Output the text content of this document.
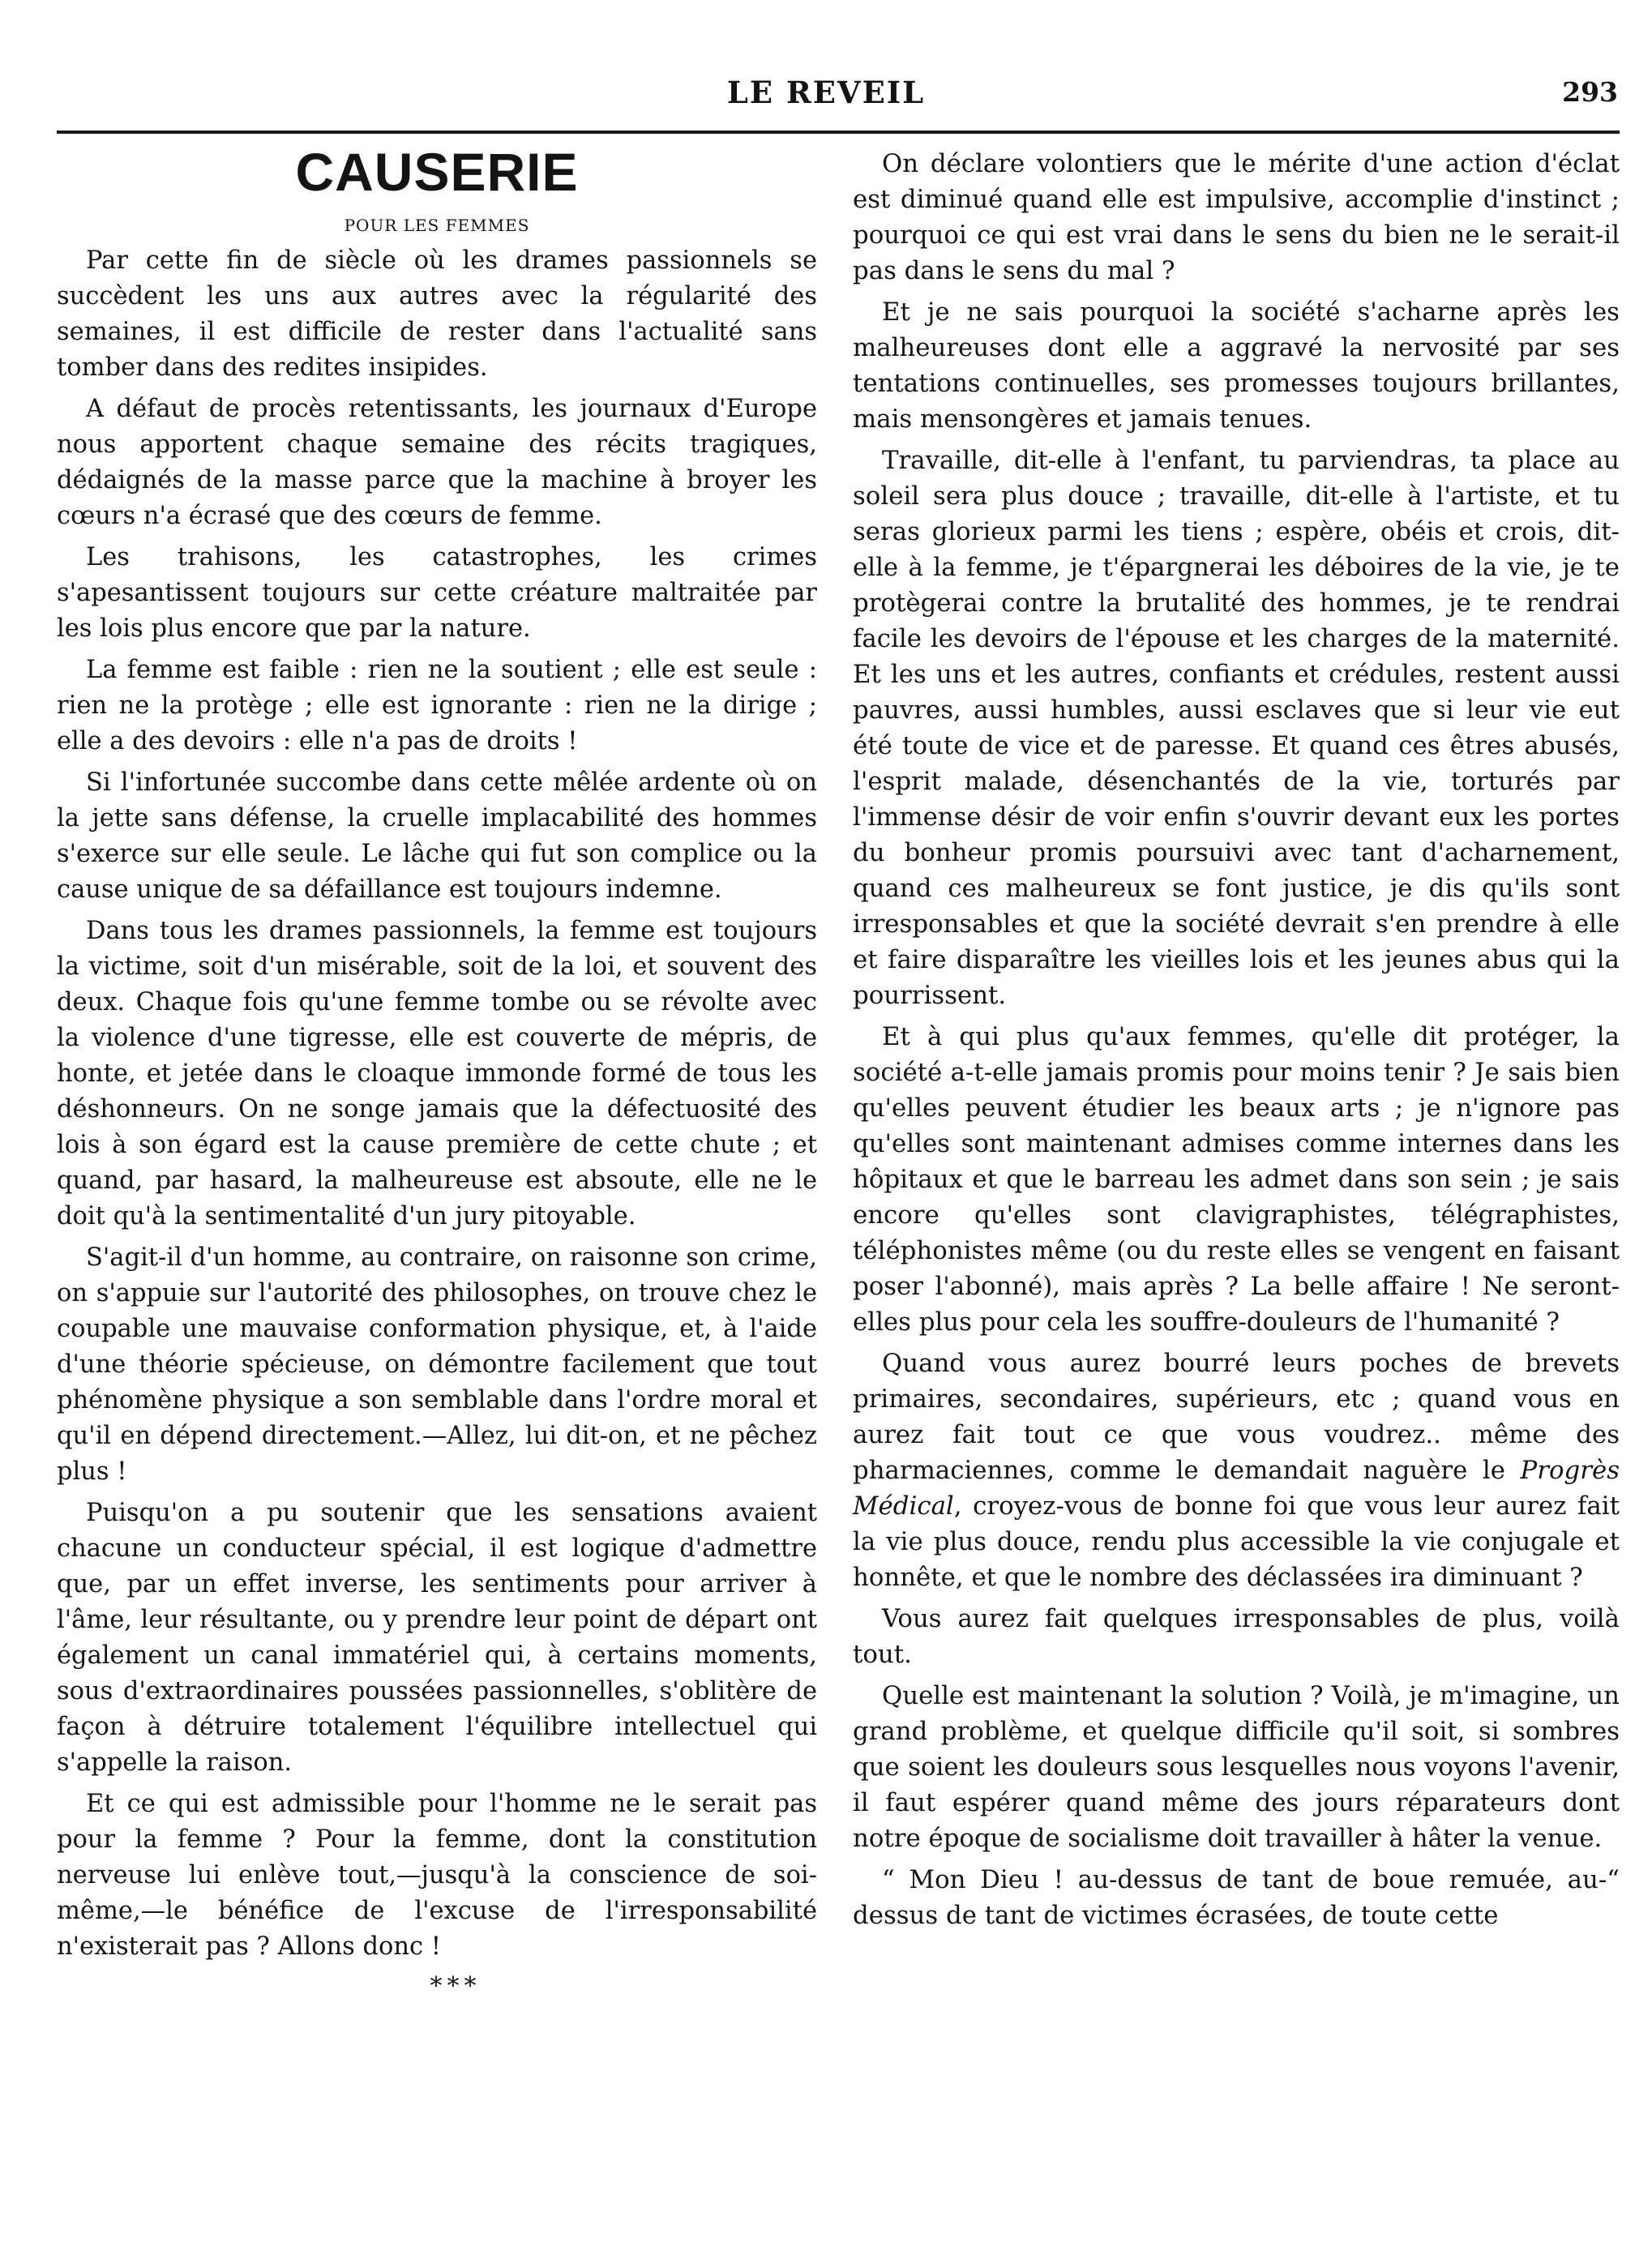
LE REVEIL	293
CAUSERIE
POUR LES FEMMES

Par cette fin de siècle où les drames passionnels se succèdent les uns aux autres avec la régularité des semaines, il est difficile de rester dans l'actualité sans tomber dans des redites insipides.

A défaut de procès retentissants, les journaux d'Europe nous apportent chaque semaine des récits tragiques, dédaignés de la masse parce que la machine à broyer les cœurs n'a écrasé que des cœurs de femme.

Les trahisons, les catastrophes, les crimes s'apesantissent toujours sur cette créature maltraitée par les lois plus encore que par la nature.

La femme est faible : rien ne la soutient ; elle est seule : rien ne la protège ; elle est ignorante : rien ne la dirige ; elle a des devoirs : elle n'a pas de droits !

Si l'infortunée succombe dans cette mêlée ardente où on la jette sans défense, la cruelle implacabilité des hommes s'exerce sur elle seule. Le lâche qui fut son complice ou la cause unique de sa défaillance est toujours indemne.

Dans tous les drames passionnels, la femme est toujours la victime, soit d'un misérable, soit de la loi, et souvent des deux. Chaque fois qu'une femme tombe ou se révolte avec la violence d'une tigresse, elle est couverte de mépris, de honte, et jetée dans le cloaque immonde formé de tous les déshonneurs. On ne songe jamais que la défectuosité des lois à son égard est la cause première de cette chute ; et quand, par hasard, la malheureuse est absoute, elle ne le doit qu'à la sentimentalité d'un jury pitoyable.

S'agit-il d'un homme, au contraire, on raisonne son crime, on s'appuie sur l'autorité des philosophes, on trouve chez le coupable une mauvaise conformation physique, et, à l'aide d'une théorie spécieuse, on démontre facilement que tout phénomène physique a son semblable dans l'ordre moral et qu'il en dépend directement.—Allez, lui dit-on, et ne pêchez plus !

Puisqu'on a pu soutenir que les sensations avaient chacune un conducteur spécial, il est logique d'admettre que, par un effet inverse, les sentiments pour arriver à l'âme, leur résultante, ou y prendre leur point de départ ont également un canal immatériel qui, à certains moments, sous d'extraordinaires poussées passionnelles, s'oblitère de façon à détruire totalement l'équilibre intellectuel qui s'appelle la raison.

Et ce qui est admissible pour l'homme ne le serait pas pour la femme ? Pour la femme, dont la constitution nerveuse lui enlève tout,—jusqu'à la conscience de soi-même,—le bénéfice de l'excuse de l'irresponsabilité n'existerait pas ? Allons donc !

* * *

On déclare volontiers que le mérite d'une action d'éclat est diminué quand elle est impulsive, accomplie d'instinct ; pourquoi ce qui est vrai dans le sens du bien ne le serait-il pas dans le sens du mal ?

Et je ne sais pourquoi la société s'acharne après les malheureuses dont elle a aggravé la nervosité par ses tentations continuelles, ses promesses toujours brillantes, mais mensongères et jamais tenues.

Travaille, dit-elle à l'enfant, tu parviendras, ta place au soleil sera plus douce ; travaille, dit-elle à l'artiste, et tu seras glorieux parmi les tiens ; espère, obéis et crois, dit-elle à la femme, je t'épargnerai les déboires de la vie, je te protègerai contre la brutalité des hommes, je te rendrai facile les devoirs de l'épouse et les charges de la maternité. Et les uns et les autres, confiants et crédules, restent aussi pauvres, aussi humbles, aussi esclaves que si leur vie eut été toute de vice et de paresse. Et quand ces êtres abusés, l'esprit malade, désenchantés de la vie, torturés par l'immense désir de voir enfin s'ouvrir devant eux les portes du bonheur promis poursuivi avec tant d'acharnement, quand ces malheureux se font justice, je dis qu'ils sont irresponsables et que la société devrait s'en prendre à elle et faire disparaître les vieilles lois et les jeunes abus qui la pourrissent.

Et à qui plus qu'aux femmes, qu'elle dit protéger, la société a-t-elle jamais promis pour moins tenir ? Je sais bien qu'elles peuvent étudier les beaux arts ; je n'ignore pas qu'elles sont maintenant admises comme internes dans les hôpitaux et que le barreau les admet dans son sein ; je sais encore qu'elles sont clavigraphistes, télégraphistes, téléphonistes même (ou du reste elles se vengent en faisant poser l'abonné), mais après ? La belle affaire ! Ne seront-elles plus pour cela les souffre-douleurs de l'humanité ?

Quand vous aurez bourré leurs poches de brevets primaires, secondaires, supérieurs, etc ; quand vous en aurez fait tout ce que vous voudrez.. même des pharmaciennes, comme le demandait naguère le Progrès Médical, croyez-vous de bonne foi que vous leur aurez fait la vie plus douce, rendu plus accessible la vie conjugale et honnête, et que le nombre des déclassées ira diminuant ?

Vous aurez fait quelques irresponsables de plus, voilà tout.

Quelle est maintenant la solution ? Voilà, je m'imagine, un grand problème, et quelque difficile qu'il soit, si sombres que soient les douleurs sous lesquelles nous voyons l'avenir, il faut espérer quand même des jours réparateurs dont notre époque de socialisme doit travailler à hâter la venue.

“ Mon Dieu ! au-dessus de tant de boue remuée, au-“ dessus de tant de victimes écrasées, de toute cette
